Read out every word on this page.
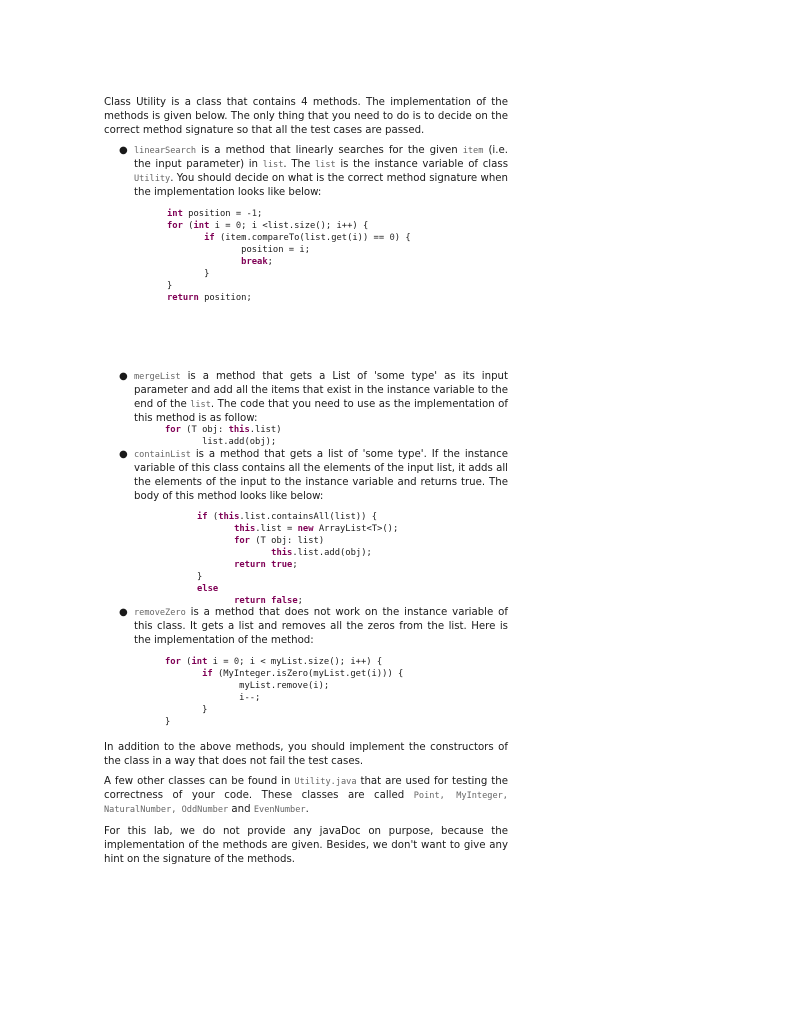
Class Utility is a class that contains 4 methods. The implementation of the methods is given below. The only thing that you need to do is to decide on the correct method signature so that all the test cases are passed.
● linearSearch is a method that linearly searches for the given item (i.e. the input parameter) in list. The list is the instance variable of class Utility. You should decide on what is the correct method signature when the implementation looks like below:
int position = -1;
for (int i = 0; i <list.size(); i++) {
if (item.compareTo(list.get(i)) == 0) {
position = i;
break;
}
}
return position;
● mergeList is a method that gets a List of 'some type' as its input parameter and add all the items that exist in the instance variable to the end of the list. The code that you need to use as the implementation of this method is as follow:
for (T obj: this.list)
list.add(obj);
● containList is a method that gets a list of 'some type'. If the instance variable of this class contains all the elements of the input list, it adds all the elements of the input to the instance variable and returns true. The body of this method looks like below:
if (this.list.containsAll(list)) {
this.list = new ArrayList<T>();
for (T obj: list)
this.list.add(obj);
return true;
}
else
return false;
● removeZero is a method that does not work on the instance variable of this class. It gets a list and removes all the zeros from the list. Here is the implementation of the method:
for (int i = 0; i < myList.size(); i++) {
if (MyInteger.isZero(myList.get(i))) {
myList.remove(i);
i--;
}
}
In addition to the above methods, you should implement the constructors of the class in a way that does not fail the test cases.
A few other classes can be found in Utility.java that are used for testing the correctness of your code. These classes are called Point, MyInteger, NaturalNumber, OddNumber and EvenNumber.
For this lab, we do not provide any javaDoc on purpose, because the implementation of the methods are given. Besides, we don't want to give any hint on the signature of the methods.
